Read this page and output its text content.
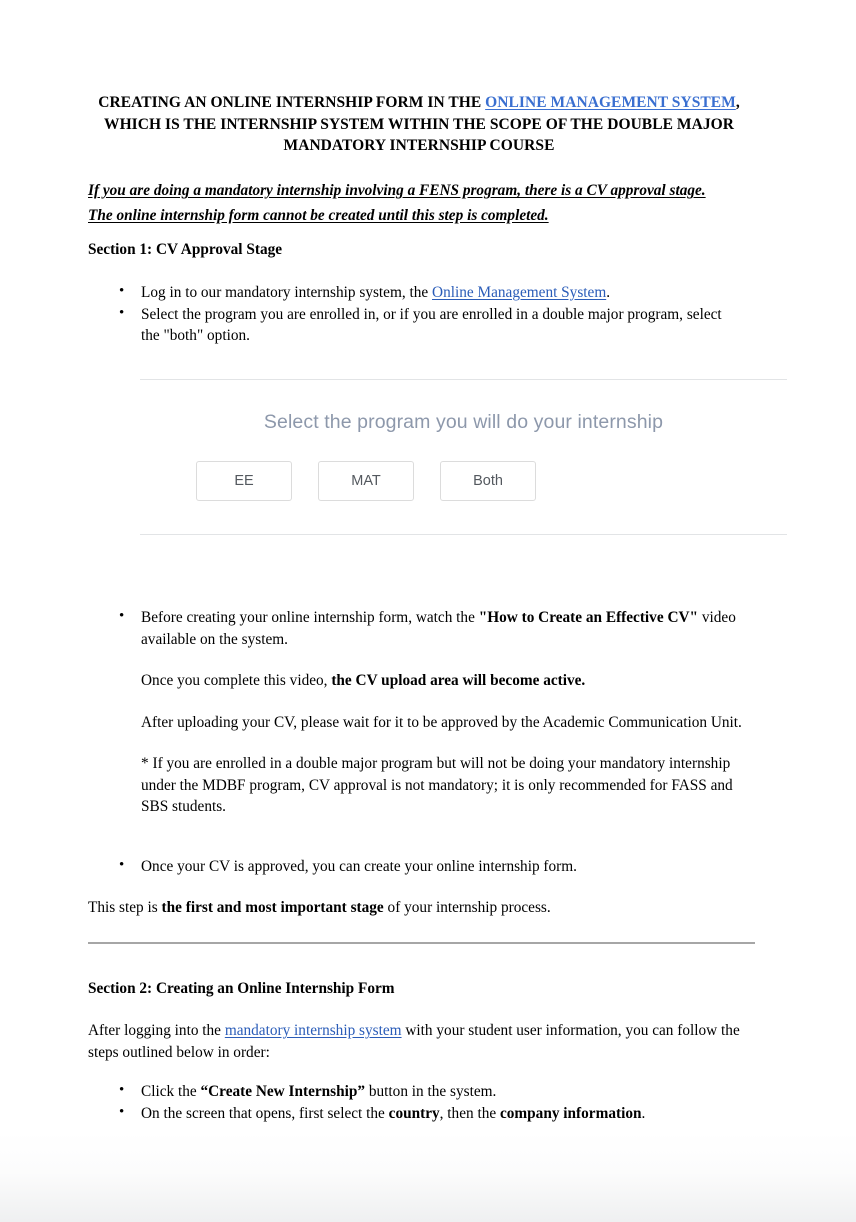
CREATING AN ONLINE INTERNSHIP FORM IN THE ONLINE MANAGEMENT SYSTEM, WHICH IS THE INTERNSHIP SYSTEM WITHIN THE SCOPE OF THE DOUBLE MAJOR MANDATORY INTERNSHIP COURSE

If you are doing a mandatory internship involving a FENS program, there is a CV approval stage. The online internship form cannot be created until this step is completed.

Section 1: CV Approval Stage
• Log in to our mandatory internship system, the Online Management System.
• Select the program you are enrolled in, or if you are enrolled in a double major program, select the "both" option.

Select the program you will do your internship

EE	MAT	Both
• Before creating your online internship form, watch the "How to Create an Effective CV" video available on the system.

Once you complete this video, the CV upload area will become active.

After uploading your CV, please wait for it to be approved by the Academic Communication Unit.

* If you are enrolled in a double major program but will not be doing your mandatory internship under the MDBF program, CV approval is not mandatory; it is only recommended for FASS and SBS students.

• Once your CV is approved, you can create your online internship form.

This step is the first and most important stage of your internship process.

Section 2: Creating an Online Internship Form

After logging into the mandatory internship system with your student user information, you can follow the steps outlined below in order:

• Click the “Create New Internship” button in the system.
• On the screen that opens, first select the country, then the company information.
